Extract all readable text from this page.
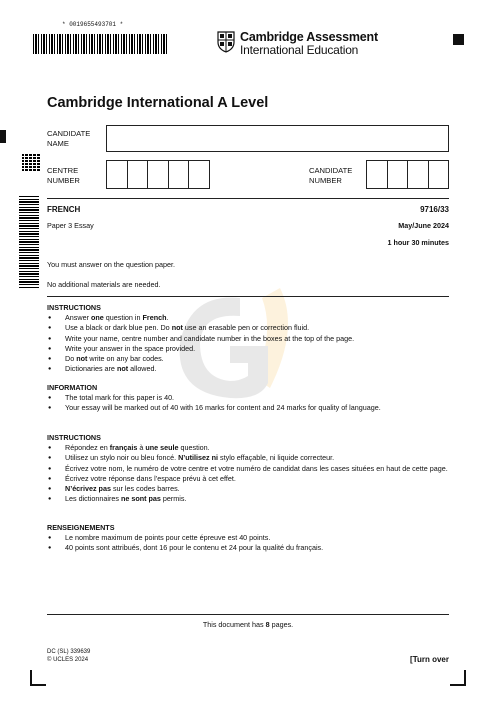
* 0019655493701 *
Cambridge Assessment
International Education
Cambridge International A Level
CANDIDATE NAME
CENTRE NUMBER
CANDIDATE NUMBER
FRENCH	9716/33
Paper 3 Essay	May/June 2024
1 hour 30 minutes
You must answer on the question paper.
No additional materials are needed.
INSTRUCTIONS
● Answer one question in French.
● Use a black or dark blue pen. Do not use an erasable pen or correction fluid.
● Write your name, centre number and candidate number in the boxes at the top of the page.
● Write your answer in the space provided.
● Do not write on any bar codes.
● Dictionaries are not allowed.
INFORMATION
● The total mark for this paper is 40.
● Your essay will be marked out of 40 with 16 marks for content and 24 marks for quality of language.
INSTRUCTIONS
● Répondez en français à une seule question.
● Utilisez un stylo noir ou bleu foncé. N’utilisez ni stylo effaçable, ni liquide correcteur.
● Écrivez votre nom, le numéro de votre centre et votre numéro de candidat dans les cases situées en haut de cette page.
● Écrivez votre réponse dans l’espace prévu à cet effet.
● N’écrivez pas sur les codes barres.
● Les dictionnaires ne sont pas permis.
RENSEIGNEMENTS
● Le nombre maximum de points pour cette épreuve est 40 points.
● 40 points sont attribués, dont 16 pour le contenu et 24 pour la qualité du français.
This document has 8 pages.
DC (SL) 339639
© UCLES 2024	[Turn over
